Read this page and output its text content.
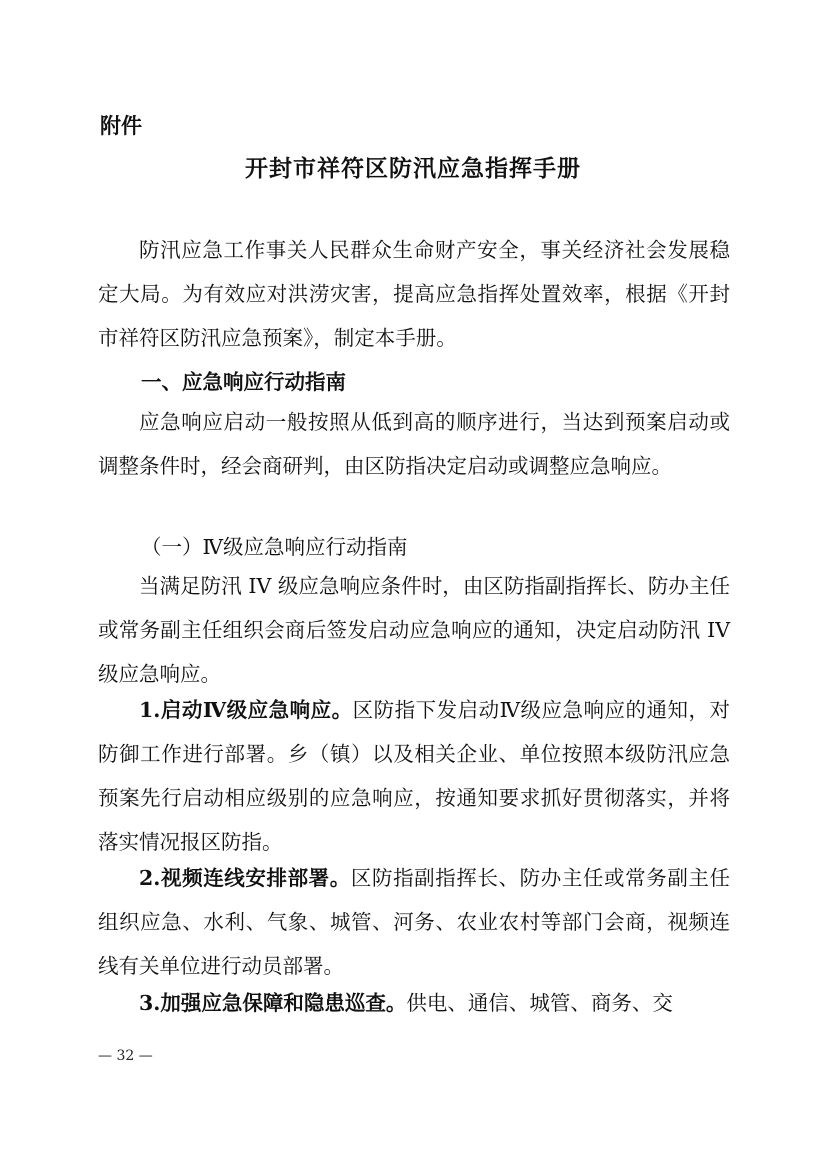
附件
开封市祥符区防汛应急指挥手册
防汛应急工作事关人民群众生命财产安全，事关经济社会发展稳定大局。为有效应对洪涝灾害，提高应急指挥处置效率，根据《开封市祥符区防汛应急预案》，制定本手册。
一、应急响应行动指南
应急响应启动一般按照从低到高的顺序进行，当达到预案启动或调整条件时，经会商研判，由区防指决定启动或调整应急响应。
（一）Ⅳ级应急响应行动指南
当满足防汛 IV 级应急响应条件时，由区防指副指挥长、防办主任或常务副主任组织会商后签发启动应急响应的通知，决定启动防汛 IV 级应急响应。
1.启动Ⅳ级应急响应。区防指下发启动Ⅳ级应急响应的通知，对防御工作进行部署。乡（镇）以及相关企业、单位按照本级防汛应急预案先行启动相应级别的应急响应，按通知要求抓好贯彻落实，并将落实情况报区防指。
2.视频连线安排部署。区防指副指挥长、防办主任或常务副主任组织应急、水利、气象、城管、河务、农业农村等部门会商，视频连线有关单位进行动员部署。
3.加强应急保障和隐患巡查。供电、通信、城管、商务、交
— 32 —
